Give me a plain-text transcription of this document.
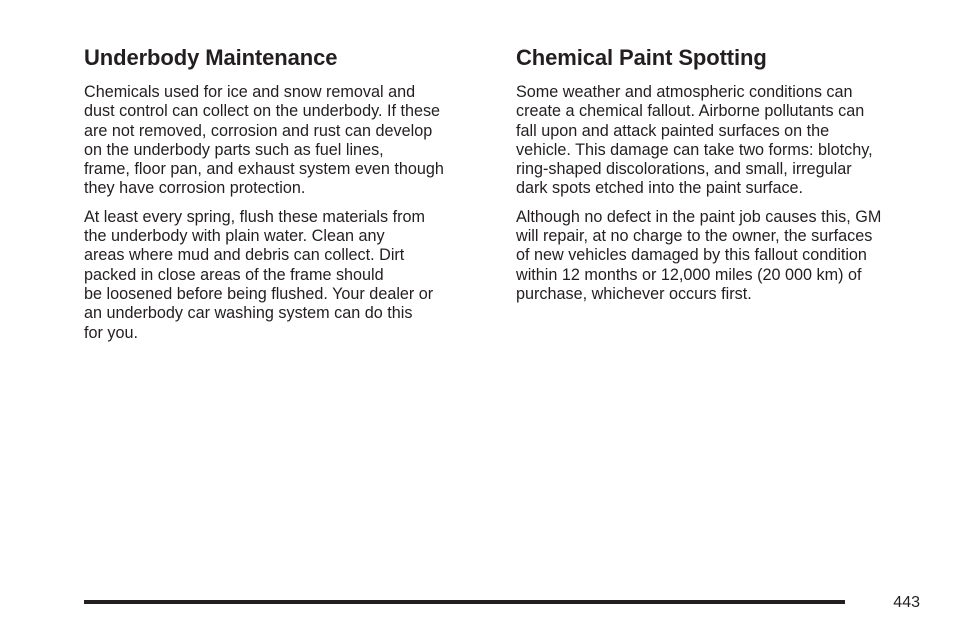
Underbody Maintenance
Chemicals used for ice and snow removal and
dust control can collect on the underbody. If these
are not removed, corrosion and rust can develop
on the underbody parts such as fuel lines,
frame, floor pan, and exhaust system even though
they have corrosion protection.
At least every spring, flush these materials from
the underbody with plain water. Clean any
areas where mud and debris can collect. Dirt
packed in close areas of the frame should
be loosened before being flushed. Your dealer or
an underbody car washing system can do this
for you.
Chemical Paint Spotting
Some weather and atmospheric conditions can
create a chemical fallout. Airborne pollutants can
fall upon and attack painted surfaces on the
vehicle. This damage can take two forms: blotchy,
ring-shaped discolorations, and small, irregular
dark spots etched into the paint surface.
Although no defect in the paint job causes this, GM
will repair, at no charge to the owner, the surfaces
of new vehicles damaged by this fallout condition
within 12 months or 12,000 miles (20 000 km) of
purchase, whichever occurs first.
443
